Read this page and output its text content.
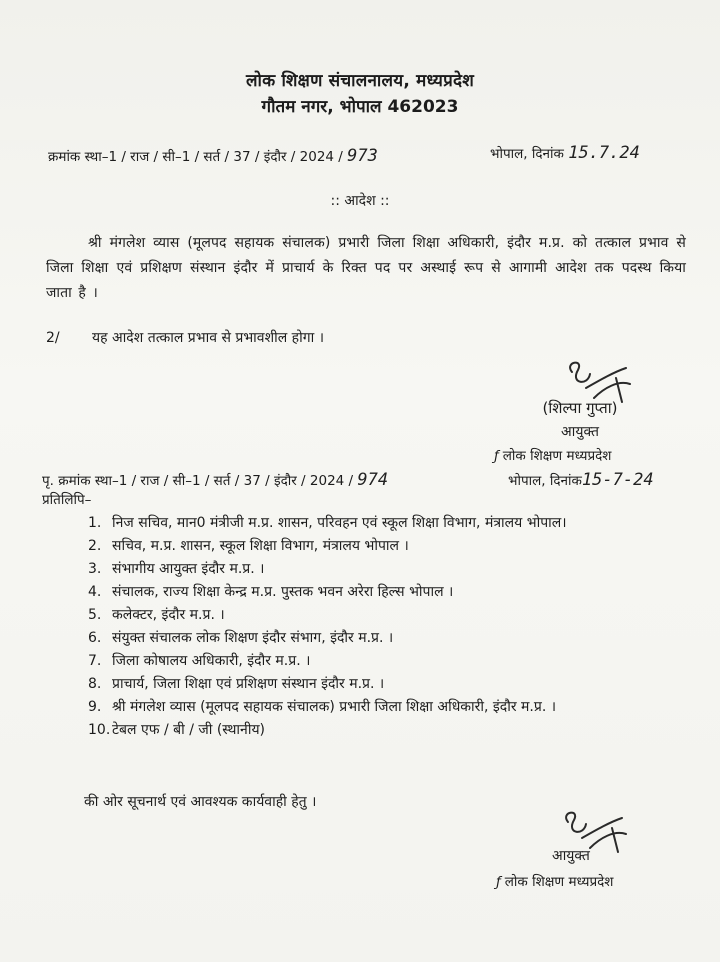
लोक शिक्षण संचालनालय, मध्यप्रदेश
गौतम नगर, भोपाल 462023
क्रमांक स्था–1 / राज / सी–1 / सर्त / 37 / इंदौर / 2024 / 973	भोपाल, दिनांक 15.7.24
:: आदेश ::
श्री मंगलेश व्यास (मूलपद सहायक संचालक) प्रभारी जिला शिक्षा अधिकारी, इंदौर म.प्र. को तत्काल प्रभाव से जिला शिक्षा एवं प्रशिक्षण संस्थान इंदौर में प्राचार्य के रिक्त पद पर अस्थाई रूप से आगामी आदेश तक पदस्थ किया जाता है ।
2/ यह आदेश तत्काल प्रभाव से प्रभावशील होगा ।
(शिल्पा गुप्ता)
आयुक्त
ƒ लोक शिक्षण मध्यप्रदेश
पृ. क्रमांक स्था–1 / राज / सी–1 / सर्त / 37 / इंदौर / 2024 / 974	भोपाल, दिनांक15-7-24
प्रतिलिपि–
1. निज सचिव, मान0 मंत्रीजी म.प्र. शासन, परिवहन एवं स्कूल शिक्षा विभाग, मंत्रालय भोपाल।
2. सचिव, म.प्र. शासन, स्कूल शिक्षा विभाग, मंत्रालय भोपाल ।
3. संभागीय आयुक्त इंदौर म.प्र. ।
4. संचालक, राज्य शिक्षा केन्द्र म.प्र. पुस्तक भवन अरेरा हिल्स भोपाल ।
5. कलेक्टर, इंदौर म.प्र. ।
6. संयुक्त संचालक लोक शिक्षण इंदौर संभाग, इंदौर म.प्र. ।
7. जिला कोषालय अधिकारी, इंदौर म.प्र. ।
8. प्राचार्य, जिला शिक्षा एवं प्रशिक्षण संस्थान इंदौर म.प्र. ।
9. श्री मंगलेश व्यास (मूलपद सहायक संचालक) प्रभारी जिला शिक्षा अधिकारी, इंदौर म.प्र. ।
10. टेबल एफ / बी / जी (स्थानीय)
की ओर सूचनार्थ एवं आवश्यक कार्यवाही हेतु ।
आयुक्त
ƒ लोक शिक्षण मध्यप्रदेश
